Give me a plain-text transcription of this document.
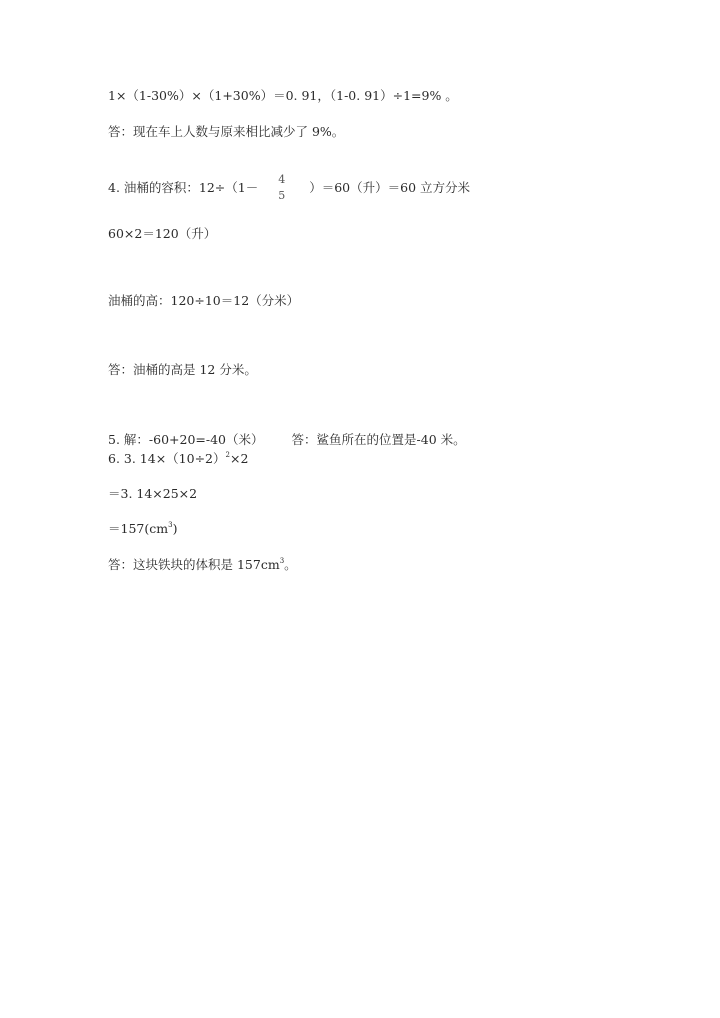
1×（1-30%）×（1+30%）＝0. 91，（1-0. 91）÷1=9% 。
答：现在车上人数与原来相比减少了 9%。
4. 油桶的容积：$12\div(1- \frac{4}{5} )=60$（升）＝60 立方分米
60×2＝120（升）
油桶的高：120÷10＝12（分米）
答：油桶的高是 12 分米。
5. 解：-60+20=-40（米） 答：鲨鱼所在的位置是-40 米。
6. 3. $14\times(10\div 2)^2\times 2$
＝3. 14×25×2
$=157(cm^3)$
答：这块铁块的体积是 $157cm^3$。
